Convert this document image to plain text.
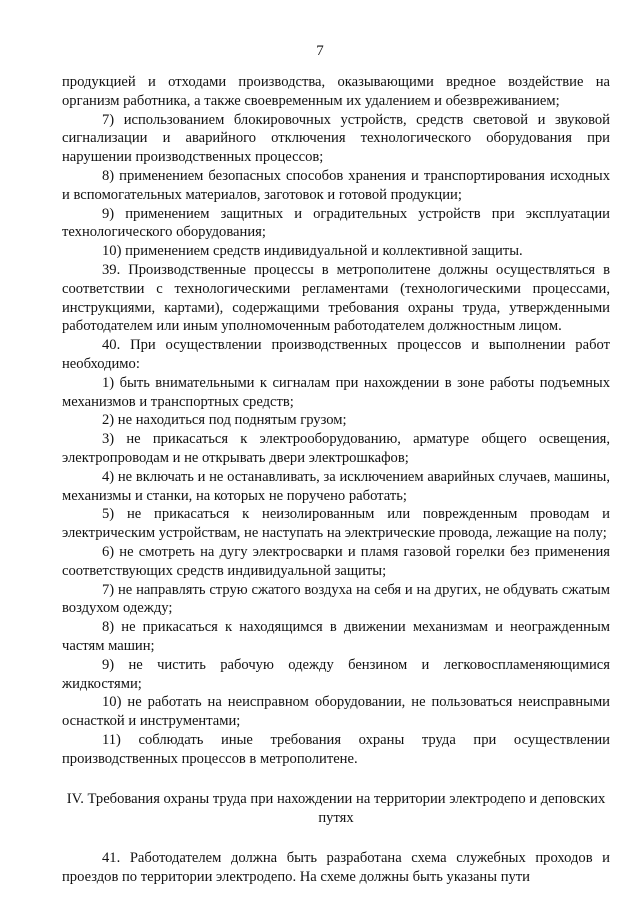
7

продукцией и отходами производства, оказывающими вредное воздействие на организм работника, а также своевременным их удалением и обезвреживанием;

7) использованием блокировочных устройств, средств световой и звуковой сигнализации и аварийного отключения технологического оборудования при нарушении производственных процессов;

8) применением безопасных способов хранения и транспортирования исходных и вспомогательных материалов, заготовок и готовой продукции;

9) применением защитных и оградительных устройств при эксплуатации технологического оборудования;

10) применением средств индивидуальной и коллективной защиты.

39. Производственные процессы в метрополитене должны осуществляться в соответствии с технологическими регламентами (технологическими процессами, инструкциями, картами), содержащими требования охраны труда, утвержденными работодателем или иным уполномоченным работодателем должностным лицом.

40. При осуществлении производственных процессов и выполнении работ необходимо:

1) быть внимательными к сигналам при нахождении в зоне работы подъемных механизмов и транспортных средств;

2) не находиться под поднятым грузом;

3) не прикасаться к электрооборудованию, арматуре общего освещения, электропроводам и не открывать двери электрошкафов;

4) не включать и не останавливать, за исключением аварийных случаев, машины, механизмы и станки, на которых не поручено работать;

5) не прикасаться к неизолированным или поврежденным проводам и электрическим устройствам, не наступать на электрические провода, лежащие на полу;

6) не смотреть на дугу электросварки и пламя газовой горелки без применения соответствующих средств индивидуальной защиты;

7) не направлять струю сжатого воздуха на себя и на других, не обдувать сжатым воздухом одежду;

8) не прикасаться к находящимся в движении механизмам и неогражденным частям машин;

9) не чистить рабочую одежду бензином и легковоспламеняющимися жидкостями;

10) не работать на неисправном оборудовании, не пользоваться неисправными оснасткой и инструментами;

11) соблюдать иные требования охраны труда при осуществлении производственных процессов в метрополитене.

IV. Требования охраны труда при нахождении на территории электродепо и деповских путях

41. Работодателем должна быть разработана схема служебных проходов и проездов по территории электродепо. На схеме должны быть указаны пути
